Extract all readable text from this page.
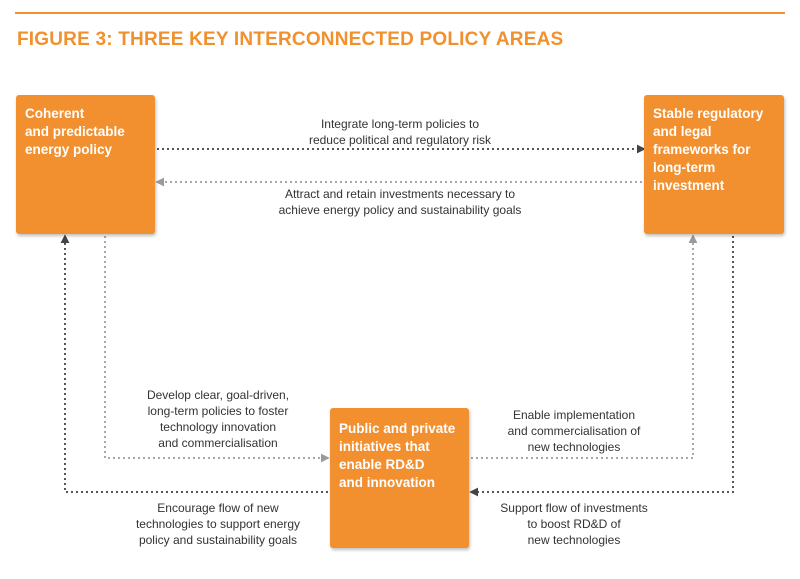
FIGURE 3: THREE KEY INTERCONNECTED POLICY AREAS
Coherent
and predictable
energy policy
Stable regulatory
and legal
frameworks for
long-term
investment
Public and private
initiatives that
enable RD&D
and innovation
Integrate long-term policies to
reduce political and regulatory risk
Attract and retain investments necessary to
achieve energy policy and sustainability goals
Develop clear, goal-driven,
long-term policies to foster
technology innovation
and commercialisation
Enable implementation
and commercialisation of
new technologies
Encourage flow of new
technologies to support energy
policy and sustainability goals
Support flow of investments
to boost RD&D of
new technologies
